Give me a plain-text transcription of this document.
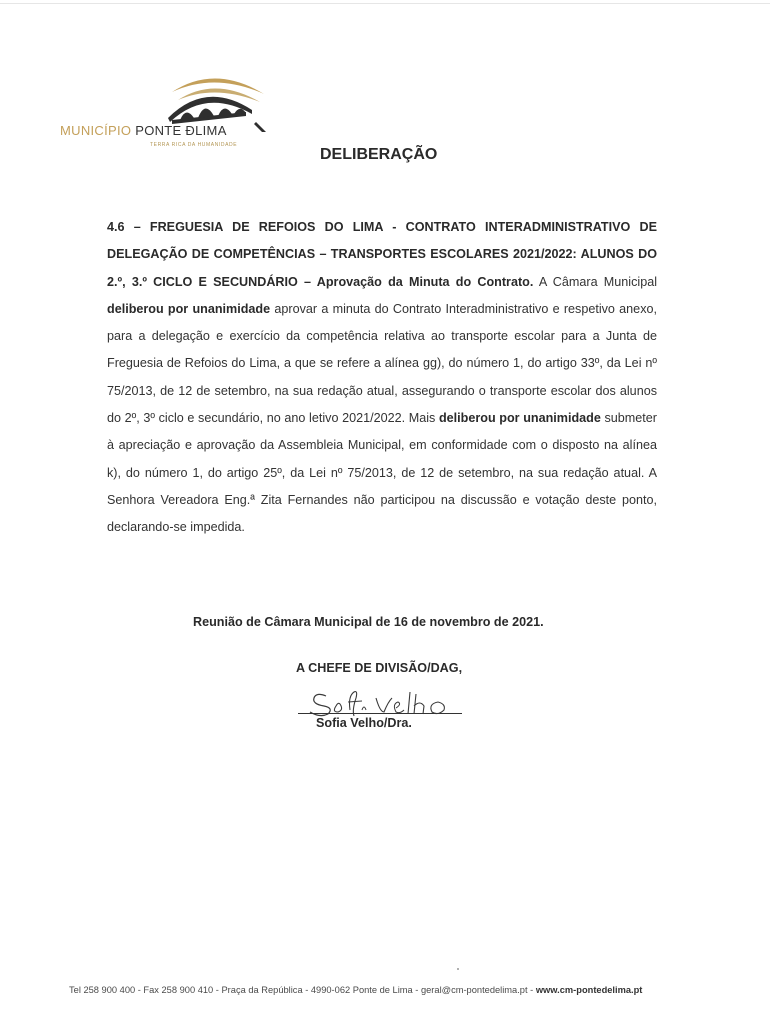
MUNICÍPIO PONTE ÐLIMA
TERRA RICA DA HUMANIDADE
DELIBERAÇÃO
4.6 – FREGUESIA DE REFOIOS DO LIMA - CONTRATO INTERADMINISTRATIVO DE DELEGAÇÃO DE COMPETÊNCIAS – TRANSPORTES ESCOLARES 2021/2022: ALUNOS DO 2.º, 3.º CICLO E SECUNDÁRIO – Aprovação da Minuta do Contrato. A Câmara Municipal deliberou por unanimidade aprovar a minuta do Contrato Interadministrativo e respetivo anexo, para a delegação e exercício da competência relativa ao transporte escolar para a Junta de Freguesia de Refoios do Lima, a que se refere a alínea gg), do número 1, do artigo 33º, da Lei nº 75/2013, de 12 de setembro, na sua redação atual, assegurando o transporte escolar dos alunos do 2º, 3º ciclo e secundário, no ano letivo 2021/2022. Mais deliberou por unanimidade submeter à apreciação e aprovação da Assembleia Municipal, em conformidade com o disposto na alínea k), do número 1, do artigo 25º, da Lei nº 75/2013, de 12 de setembro, na sua redação atual. A Senhora Vereadora Eng.ª Zita Fernandes não participou na discussão e votação deste ponto, declarando-se impedida.
Reunião de Câmara Municipal de 16 de novembro de 2021.
A CHEFE DE DIVISÃO/DAG,
Sofia Velho/Dra.
Tel 258 900 400 - Fax 258 900 410 - Praça da República - 4990-062 Ponte de Lima - geral@cm-pontedelima.pt - www.cm-pontedelima.pt
